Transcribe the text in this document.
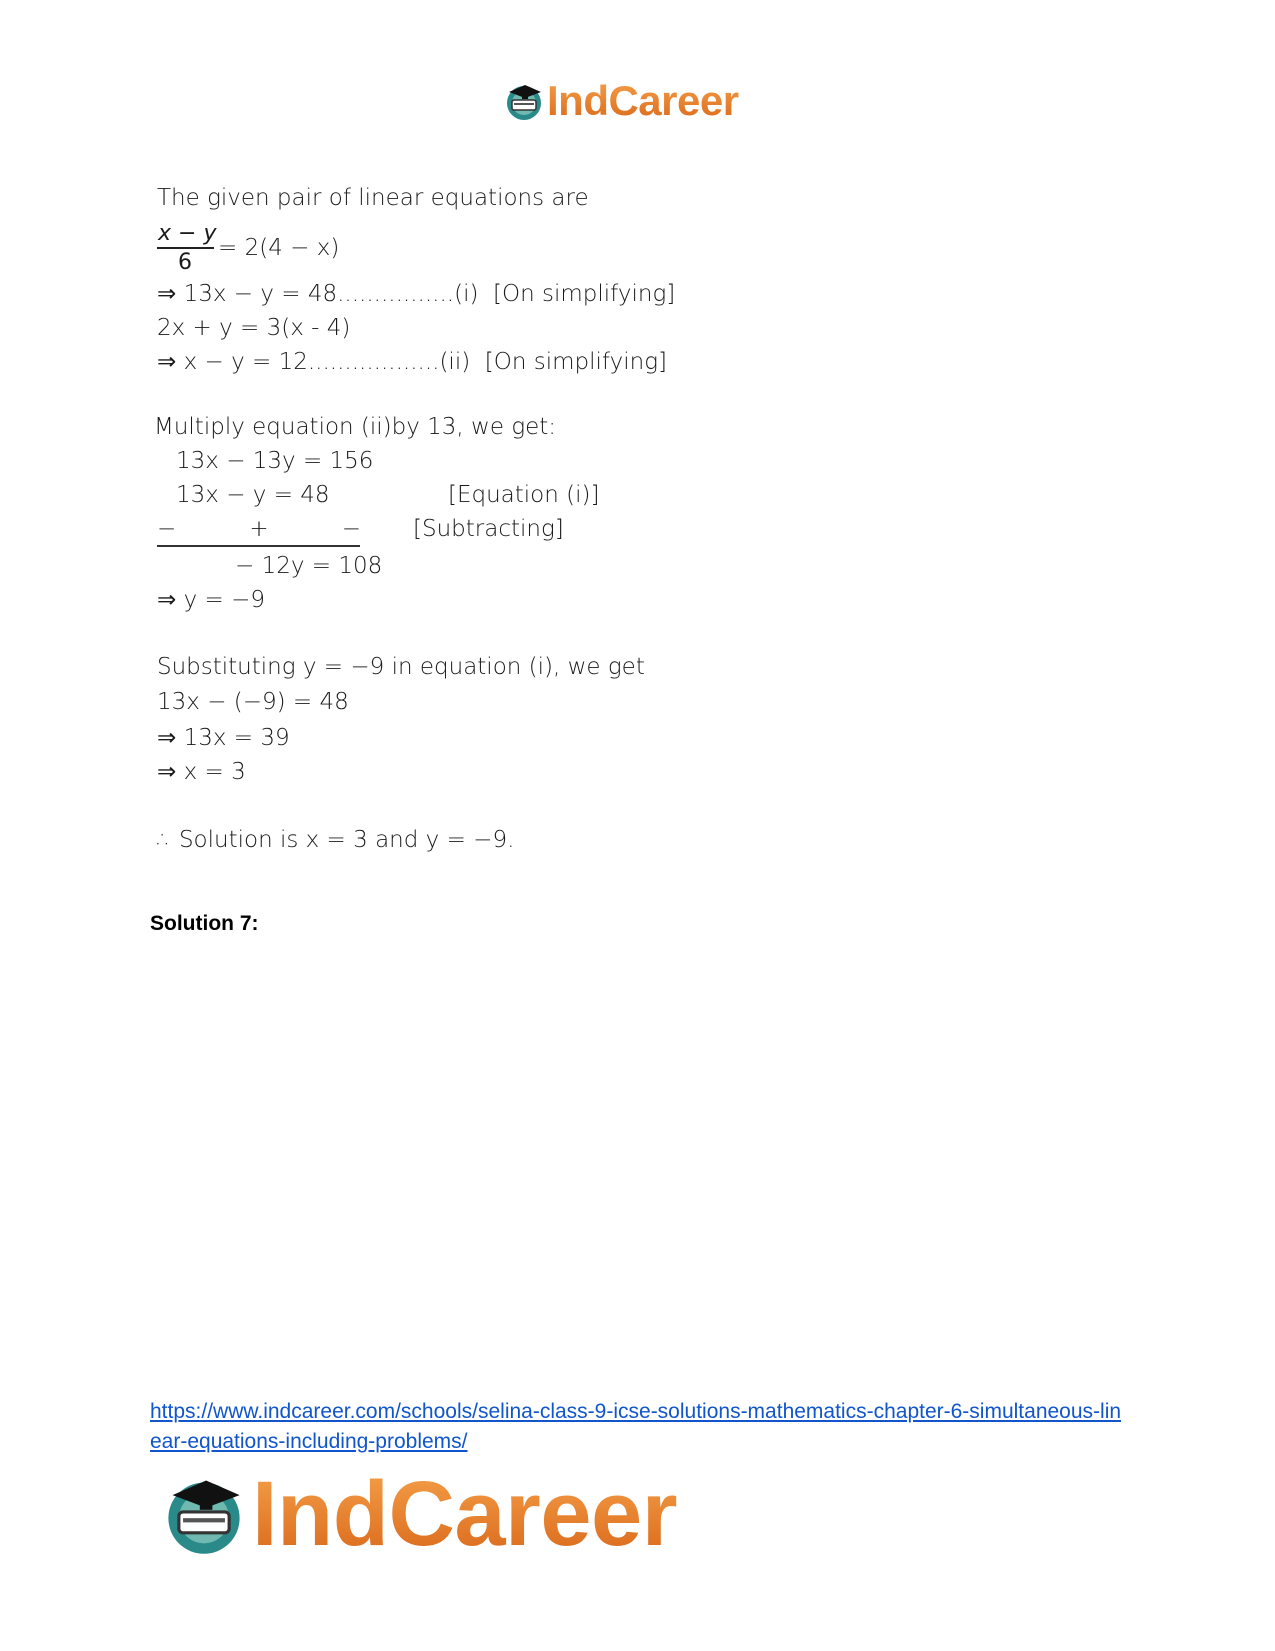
IndCareer
The given pair of linear equations are
x − y
6
= 2(4 − x)
⇒ 13x − y = 48................(i)  [On simplifying]
2x + y = 3(x - 4)
⇒ x − y = 12..................(ii)  [On simplifying]
Multiply equation (ii)by 13, we get:
13x − 13y = 156
13x − y = 48	[Equation (i)]
−          +          − [Subtracting]
− 12y = 108
⇒ y = −9
Substituting y = −9 in equation (i), we get
13x − (−9) = 48
⇒ 13x = 39
⇒ x = 3
∴ Solution is x = 3 and y = −9.
Solution 7:
https://www.indcareer.com/schools/selina-class-9-icse-solutions-mathematics-chapter-6-simultaneous-linear-equations-including-problems/
IndCareer
